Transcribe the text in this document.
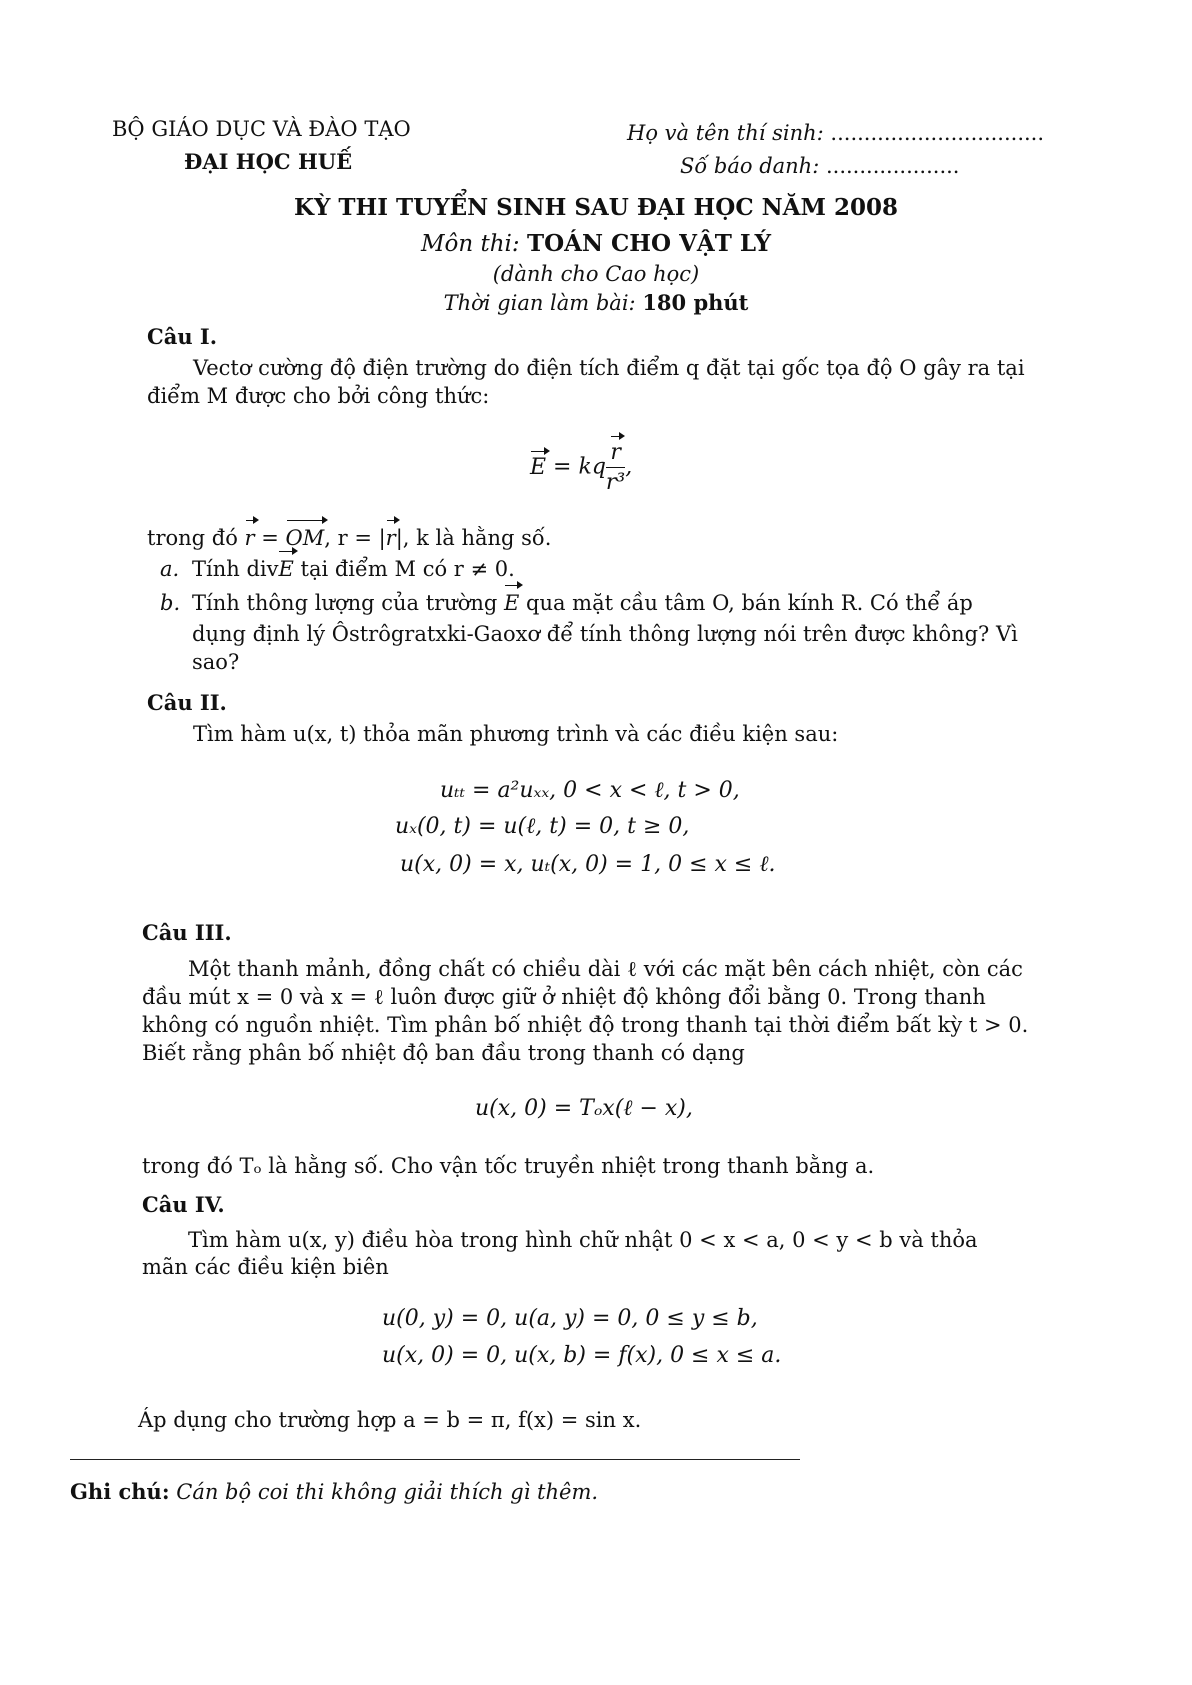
BỘ GIÁO DỤC VÀ ĐÀO TẠO
ĐẠI HỌC HUẾ
Họ và tên thí sinh: ................................
Số báo danh: ....................
KỲ THI TUYỂN SINH SAU ĐẠI HỌC NĂM 2008
Môn thi: TOÁN CHO VẬT LÝ
(dành cho Cao học)
Thời gian làm bài: 180 phút
Câu I.
Vectơ cường độ điện trường do điện tích điểm q đặt tại gốc tọa độ O gây ra tại
điểm M được cho bởi công thức:
E = kq $\frac{r}{\text{r³}}$ ,
trong đó r = OM, r = |r|, k là hằng số.
a. Tính divE tại điểm M có r ≠ 0.
b. Tính thông lượng của trường E qua mặt cầu tâm O, bán kính R. Có thể áp
dụng định lý Ôstrôgratxki-Gaoxơ để tính thông lượng nói trên được không? Vì
sao?
Câu II.
Tìm hàm u(x, t) thỏa mãn phương trình và các điều kiện sau:
uₜₜ = a²uₓₓ, 0 < x < ℓ, t > 0,
uₓ(0, t) = u(ℓ, t) = 0, t ≥ 0,
u(x, 0) = x, uₜ(x, 0) = 1, 0 ≤ x ≤ ℓ.
Câu III.
Một thanh mảnh, đồng chất có chiều dài ℓ với các mặt bên cách nhiệt, còn các
đầu mút x = 0 và x = ℓ luôn được giữ ở nhiệt độ không đổi bằng 0. Trong thanh
không có nguồn nhiệt. Tìm phân bố nhiệt độ trong thanh tại thời điểm bất kỳ t > 0.
Biết rằng phân bố nhiệt độ ban đầu trong thanh có dạng
u(x, 0) = Tₒx(ℓ − x),
trong đó Tₒ là hằng số. Cho vận tốc truyền nhiệt trong thanh bằng a.
Câu IV.
Tìm hàm u(x, y) điều hòa trong hình chữ nhật 0 < x < a, 0 < y < b và thỏa
mãn các điều kiện biên
u(0, y) = 0, u(a, y) = 0, 0 ≤ y ≤ b,
u(x, 0) = 0, u(x, b) = f(x), 0 ≤ x ≤ a.
Áp dụng cho trường hợp a = b = π, f(x) = sin x.
Ghi chú: Cán bộ coi thi không giải thích gì thêm.
